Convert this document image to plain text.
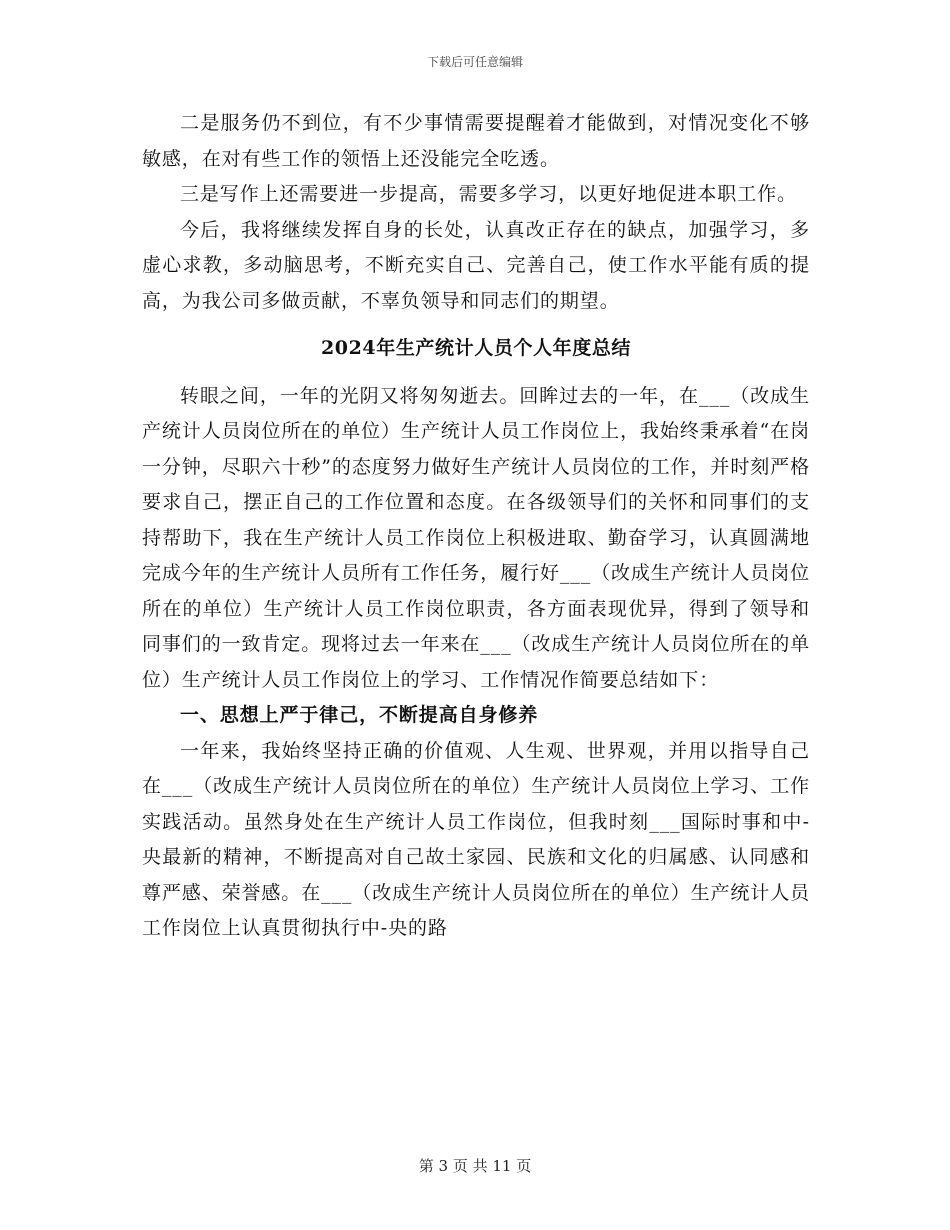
下载后可任意编辑

二是服务仍不到位，有不少事情需要提醒着才能做到，对情况变化不够敏感，在对有些工作的领悟上还没能完全吃透。

三是写作上还需要进一步提高，需要多学习，以更好地促进本职工作。

今后，我将继续发挥自身的长处，认真改正存在的缺点，加强学习，多虚心求教，多动脑思考，不断充实自己、完善自己，使工作水平能有质的提高，为我公司多做贡献，不辜负领导和同志们的期望。

2024年生产统计人员个人年度总结

转眼之间，一年的光阴又将匆匆逝去。回眸过去的一年，在___（改成生产统计人员岗位所在的单位）生产统计人员工作岗位上，我始终秉承着“在岗一分钟，尽职六十秒”的态度努力做好生产统计人员岗位的工作，并时刻严格要求自己，摆正自己的工作位置和态度。在各级领导们的关怀和同事们的支持帮助下，我在生产统计人员工作岗位上积极进取、勤奋学习，认真圆满地完成今年的生产统计人员所有工作任务，履行好___（改成生产统计人员岗位所在的单位）生产统计人员工作岗位职责，各方面表现优异，得到了领导和同事们的一致肯定。现将过去一年来在___（改成生产统计人员岗位所在的单位）生产统计人员工作岗位上的学习、工作情况作简要总结如下：

一、思想上严于律己，不断提高自身修养

一年来，我始终坚持正确的价值观、人生观、世界观，并用以指导自己在___（改成生产统计人员岗位所在的单位）生产统计人员岗位上学习、工作实践活动。虽然身处在生产统计人员工作岗位，但我时刻___国际时事和中-央最新的精神，不断提高对自己故土家园、民族和文化的归属感、认同感和尊严感、荣誉感。在___（改成生产统计人员岗位所在的单位）生产统计人员工作岗位上认真贯彻执行中-央的路

第 3 页 共 11 页
